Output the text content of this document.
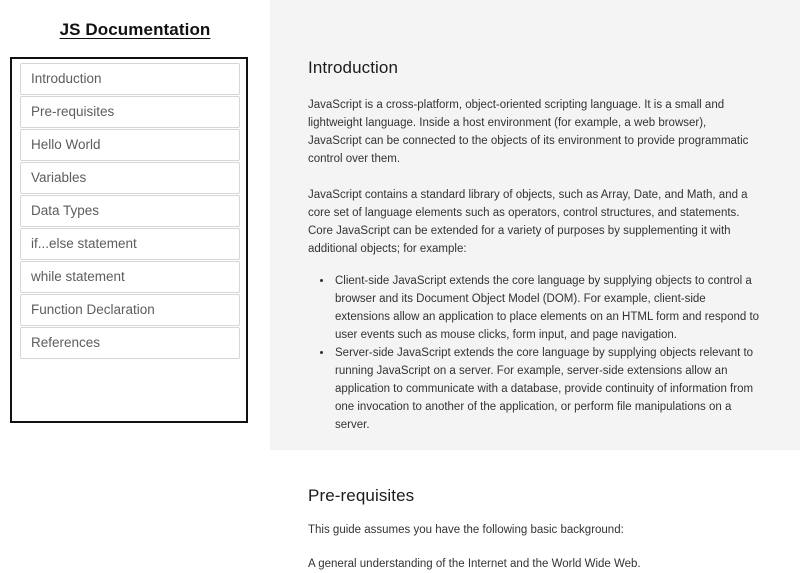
JS Documentation
Introduction
Pre-requisites
Hello World
Variables
Data Types
if...else statement
while statement
Function Declaration
References
Introduction

JavaScript is a cross-platform, object-oriented scripting language. It is a small and lightweight language. Inside a host environment (for example, a web browser), JavaScript can be connected to the objects of its environment to provide programmatic control over them.

JavaScript contains a standard library of objects, such as Array, Date, and Math, and a core set of language elements such as operators, control structures, and statements. Core JavaScript can be extended for a variety of purposes by supplementing it with additional objects; for example:

• Client-side JavaScript extends the core language by supplying objects to control a browser and its Document Object Model (DOM). For example, client-side extensions allow an application to place elements on an HTML form and respond to user events such as mouse clicks, form input, and page navigation.
• Server-side JavaScript extends the core language by supplying objects relevant to running JavaScript on a server. For example, server-side extensions allow an application to communicate with a database, provide continuity of information from one invocation to another of the application, or perform file manipulations on a server.
Pre-requisites

This guide assumes you have the following basic background:

A general understanding of the Internet and the World Wide Web.
